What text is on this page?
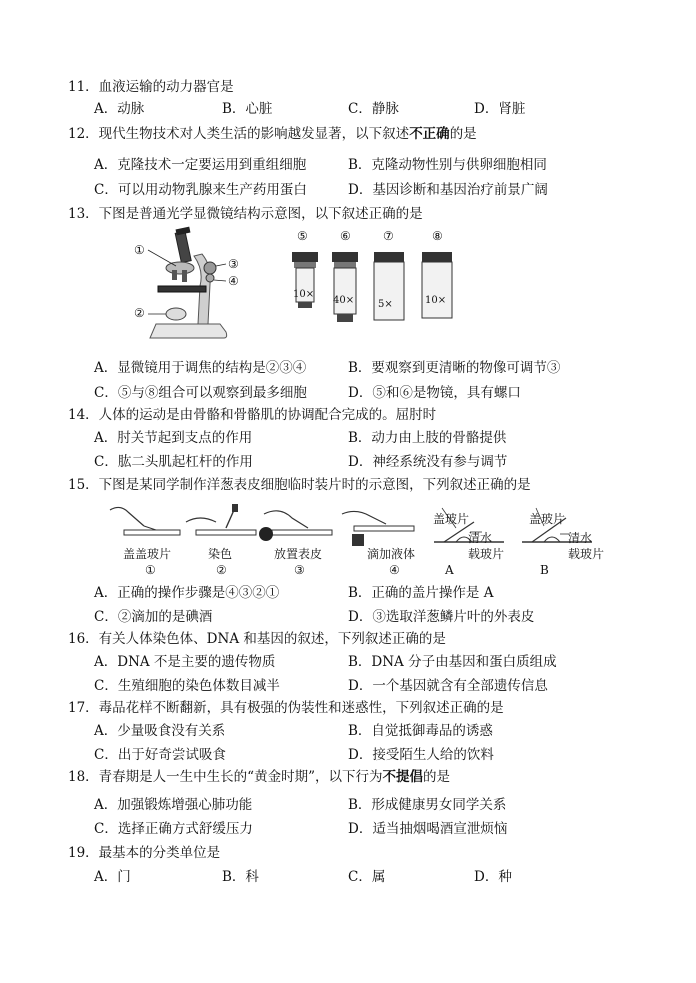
11．血液运输的动力器官是
A．动脉	B．心脏	C．静脉	D．肾脏
12．现代生物技术对人类生活的影响越发显著，以下叙述不正确的是
A．克隆技术一定要运用到重组细胞	B．克隆动物性别与供卵细胞相同
C．可以用动物乳腺来生产药用蛋白	D．基因诊断和基因治疗前景广阔
13．下图是普通光学显微镜结构示意图，以下叙述正确的是
①
②
③
④
⑤	⑥	⑦	⑧
10×
40× 5×	10×
A．显微镜用于调焦的结构是②③④	B．要观察到更清晰的物像可调节③
C．⑤与⑧组合可以观察到最多细胞	D．⑤和⑥是物镜，具有螺口
14．人体的运动是由骨骼和骨骼肌的协调配合完成的。屈肘时
A．肘关节起到支点的作用	B．动力由上肢的骨骼提供
C．肱二头肌起杠杆的作用	D．神经系统没有参与调节
15．下图是某同学制作洋葱表皮细胞临时装片时的示意图，下列叙述正确的是
盖玻片
清水
载玻片
A
盖玻片
清水
载玻片
B
盖盖玻片
①
染色
②
放置表皮
③
滴加液体
④
A．正确的操作步骤是④③②①	B．正确的盖片操作是 A
C．②滴加的是碘酒	D．③选取洋葱鳞片叶的外表皮
16．有关人体染色体、DNA 和基因的叙述，下列叙述正确的是
A．DNA 不是主要的遗传物质	B．DNA 分子由基因和蛋白质组成
C．生殖细胞的染色体数目减半	D．一个基因就含有全部遗传信息
17．毒品花样不断翻新，具有极强的伪装性和迷惑性，下列叙述正确的是
A．少量吸食没有关系	B．自觉抵御毒品的诱惑
C．出于好奇尝试吸食	D．接受陌生人给的饮料
18．青春期是人一生中生长的“黄金时期”，以下行为不提倡的是
A．加强锻炼增强心肺功能	B．形成健康男女同学关系
C．选择正确方式舒缓压力	D．适当抽烟喝酒宣泄烦恼
19．最基本的分类单位是
A．门	B．科	C．属	D．种
